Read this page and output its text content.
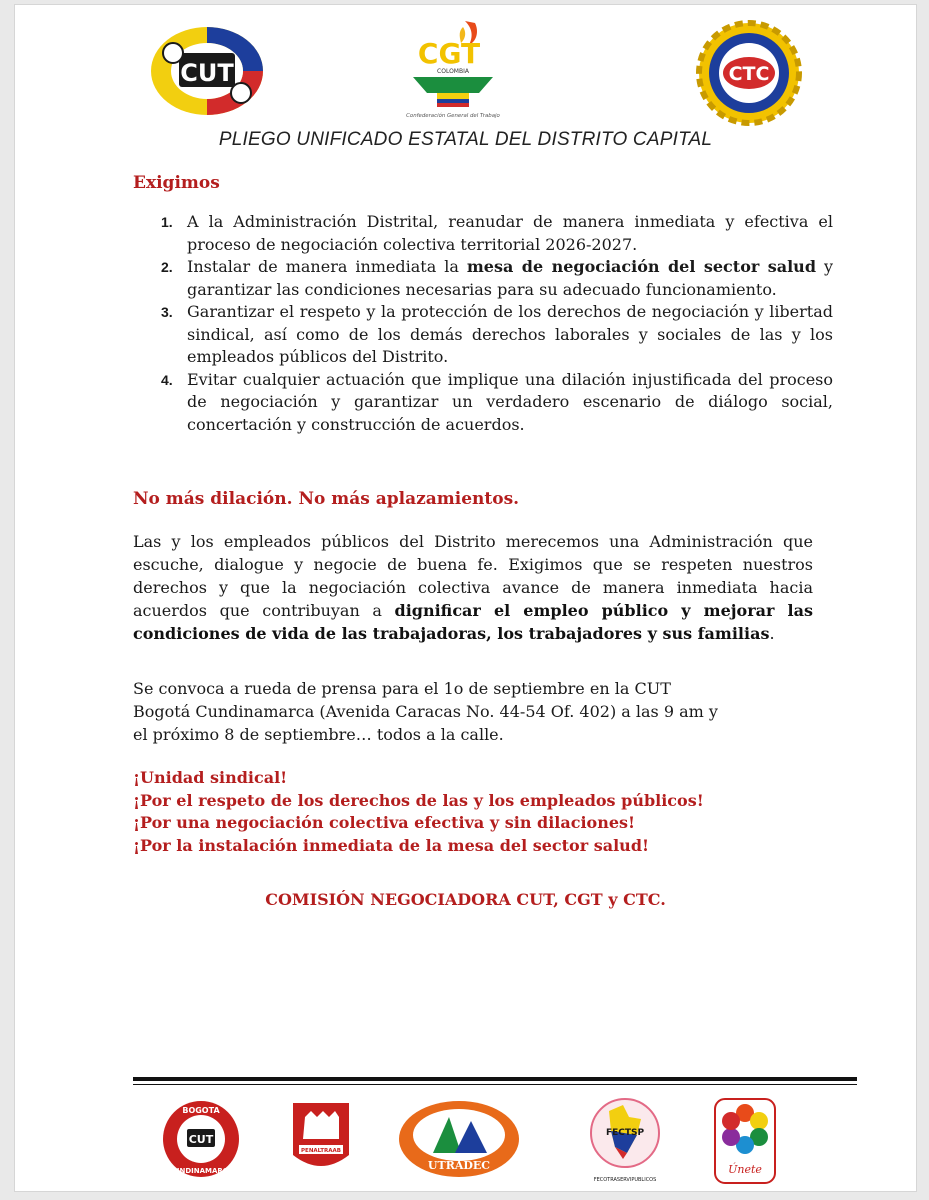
CUT
CGT
COLOMBIA
Confederación General del Trabajo
CTC
PLIEGO UNIFICADO ESTATAL DEL DISTRITO CAPITAL
Exigimos
1. A la Administración Distrital, reanudar de manera inmediata y efectiva el proceso de negociación colectiva territorial 2026-2027.
2. Instalar de manera inmediata la mesa de negociación del sector salud y garantizar las condiciones necesarias para su adecuado funcionamiento.
3. Garantizar el respeto y la protección de los derechos de negociación y libertad sindical, así como de los demás derechos laborales y sociales de las y los empleados públicos del Distrito.
4. Evitar cualquier actuación que implique una dilación injustificada del proceso de negociación y garantizar un verdadero escenario de diálogo social, concertación y construcción de acuerdos.
No más dilación. No más aplazamientos.

Las y los empleados públicos del Distrito merecemos una Administración que escuche, dialogue y negocie de buena fe. Exigimos que se respeten nuestros derechos y que la negociación colectiva avance de manera inmediata hacia acuerdos que contribuyan a dignificar el empleo público y mejorar las condiciones de vida de las trabajadoras, los trabajadores y sus familias.

Se convoca a rueda de prensa para el 1o de septiembre en la CUT Bogotá Cundinamarca (Avenida Caracas No. 44-54 Of. 402) a las 9 am y el próximo 8 de septiembre… todos a la calle.

¡Unidad sindical!
¡Por el respeto de los derechos de las y los empleados públicos!
¡Por una negociación colectiva efectiva y sin dilaciones!
¡Por la instalación inmediata de la mesa del sector salud!
COMISIÓN NEGOCIADORA CUT, CGT y CTC.
CUT
BOGOTA
CUNDINAMARCA
PENALTRAAB
UTRADEC
FECTSP
FECOTRASERVIPUBLICOS
Únete
